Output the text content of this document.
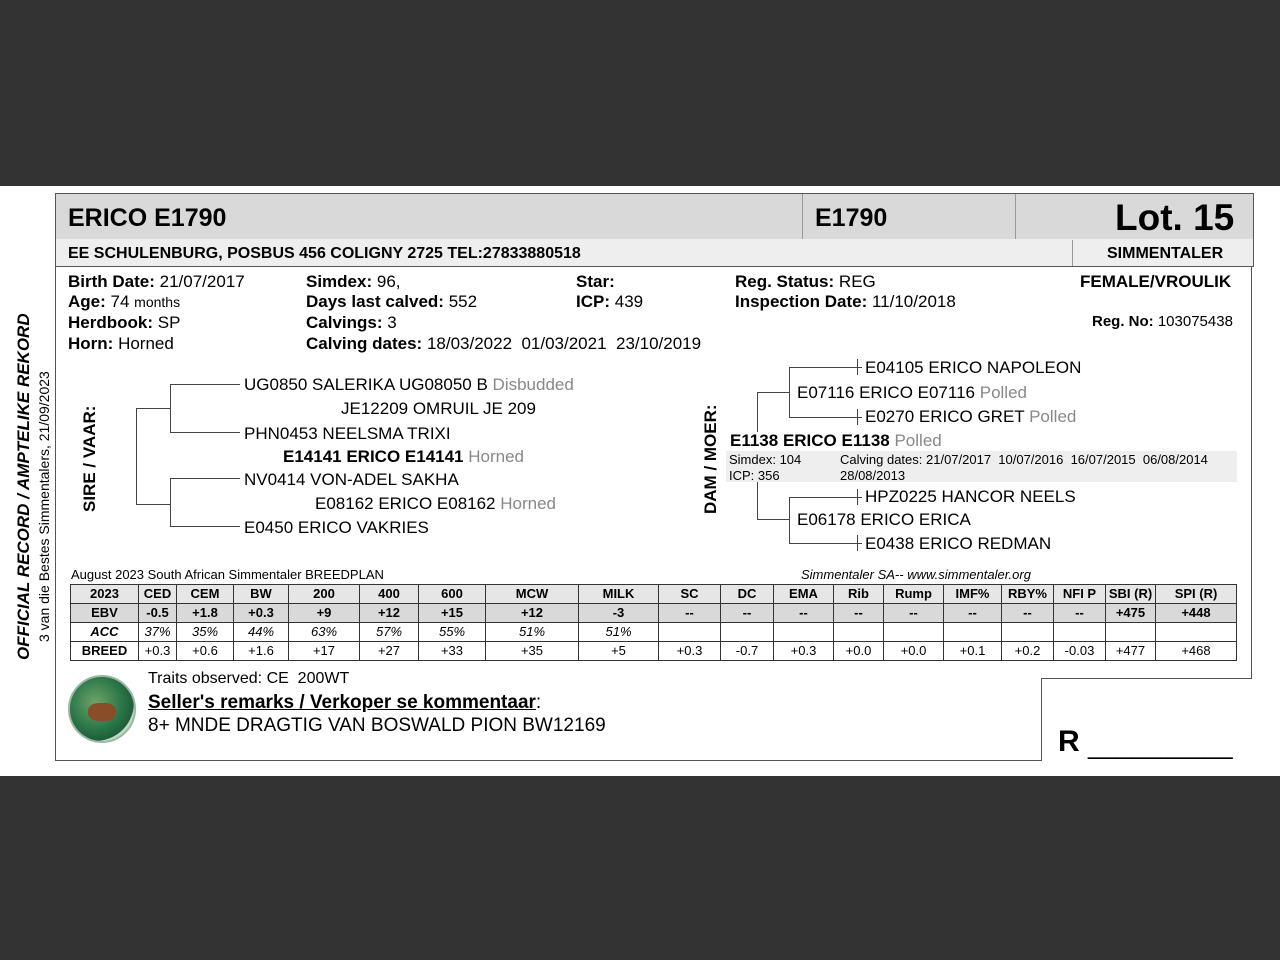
OFFICIAL RECORD / AMPTELIKE REKORD 3 van die Bestes Simmentalers, 21/09/2023
ERICO E1790	E1790	Lot. 15
EE SCHULENBURG, POSBUS 456 COLIGNY 2725 TEL:27833880518	SIMMENTALER
Birth Date: 21/07/2017
Age: 74 months
Herdbook: SP
Horn: Horned
Simdex: 96,
Days last calved: 552
Calvings: 3
Calving dates: 18/03/2022  01/03/2021  23/10/2019
Star:
ICP: 439
Reg. Status: REG
Inspection Date: 11/10/2018
FEMALE/VROULIK
Reg. No: 103075438
SIRE / VAAR:
UG0850 SALERIKA UG08050 B Disbudded
JE12209 OMRUIL JE 209
PHN0453 NEELSMA TRIXI
E14141 ERICO E14141 Horned
NV0414 VON-ADEL SAKHA
E08162 ERICO E08162 Horned
E0450 ERICO VAKRIES
DAM / MOER:
E04105 ERICO NAPOLEON
E07116 ERICO E07116 Polled
E0270 ERICO GRET Polled
E1138 ERICO E1138 Polled
Simdex: 104
ICP: 356
Calving dates: 21/07/2017  10/07/2016  16/07/2015  06/08/2014
28/08/2013
HPZ0225 HANCOR NEELS
E06178 ERICO ERICA
E0438 ERICO REDMAN
August 2023 South African Simmentaler BREEDPLAN	Simmentaler SA-- www.simmentaler.org
2023	CED	CEM	BW	200	400	600	MCW	MILK	SC	DC	EMA	Rib	Rump	IMF%	RBY%	NFI P	SBI (R)	SPI (R)
EBV	-0.5	+1.8	+0.3	+9	+12	+15	+12	-3	--	--	--	--	--	--	--	--	+475	+448
ACC	37%	35%	44%	63%	57%	55%	51%	51%										
BREED	+0.3	+0.6	+1.6	+17	+27	+33	+35	+5	+0.3	-0.7	+0.3	+0.0	+0.0	+0.1	+0.2	-0.03	+477	+468
Traits observed: CE  200WT
Seller's remarks / Verkoper se kommentaar:
8+ MNDE DRAGTIG VAN BOSWALD PION BW12169	R __________
